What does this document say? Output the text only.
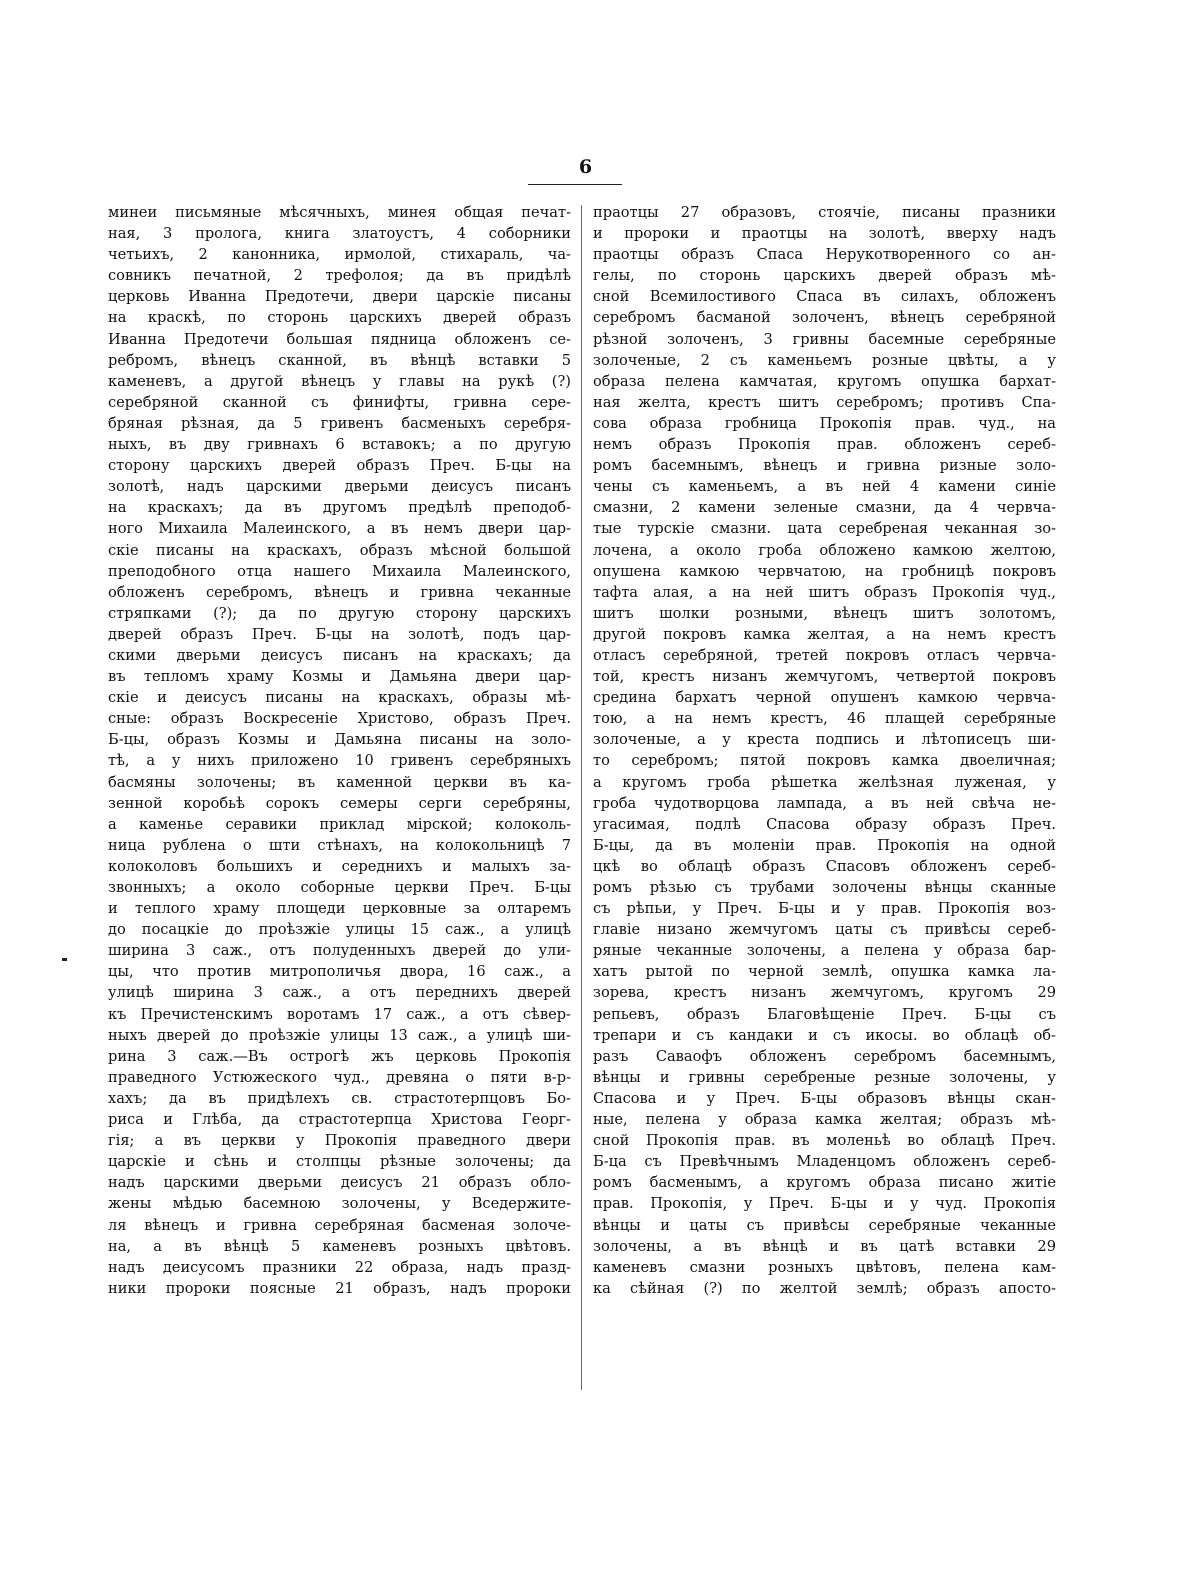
6
минеи письмяные мѣсячныхъ, минея общая печат-
ная, 3 пролога, книга златоустъ, 4 соборники
четьихъ, 2 канонника, ирмолой, стихараль, ча-
совникъ печатной, 2 трефолоя; да въ придѣлѣ
церковь Иванна Предотечи, двери царскіе писаны
на краскѣ, по сторонь царскихъ дверей образъ
Иванна Предотечи большая пядница обложенъ се-
ребромъ, вѣнецъ сканной, въ вѣнцѣ вставки 5
каменевъ, а другой вѣнецъ у главы на рукѣ (?)
серебряной сканной съ финифты, гривна сере-
бряная рѣзная, да 5 гривенъ басменыхъ серебря-
ныхъ, въ дву гривнахъ 6 вставокъ; а по другую
сторону царскихъ дверей образъ Преч. Б-цы на
золотѣ, надъ царскими дверьми деисусъ писанъ
на краскахъ; да въ другомъ предѣлѣ преподоб-
ного Михаила Малеинского, а въ немъ двери цар-
скіе писаны на краскахъ, образъ мѣсной большой
преподобного отца нашего Михаила Малеинского,
обложенъ серебромъ, вѣнецъ и гривна чеканные
стряпками (?); да по другую сторону царскихъ
дверей образъ Преч. Б-цы на золотѣ, подъ цар-
скими дверьми деисусъ писанъ на краскахъ; да
въ тепломъ храму Козмы и Дамьяна двери цар-
скіе и деисусъ писаны на краскахъ, образы мѣ-
сные: образъ Воскресеніе Христово, образъ Преч.
Б-цы, образъ Козмы и Дамьяна писаны на золо-
тѣ, а у нихъ приложено 10 гривенъ серебряныхъ
басмяны золочены; въ каменной церкви въ ка-
зенной коробьѣ сорокъ семеры серги серебряны,
а каменье серавики приклад мірской; колоколь-
ница рублена о шти стѣнахъ, на колокольницѣ 7
колоколовъ большихъ и середнихъ и малыхъ за-
звонныхъ; а около соборные церкви Преч. Б-цы
и теплого храму площеди церковные за олтаремъ
до посацкіе до проѣзжіе улицы 15 саж., а улицѣ
ширина 3 саж., отъ полуденныхъ дверей до ули-
цы, что против митрополичья двора, 16 саж., а
улицѣ ширина 3 саж., а отъ переднихъ дверей
къ Пречистенскимъ воротамъ 17 саж., а отъ сѣвер-
ныхъ дверей до проѣзжіе улицы 13 саж., а улицѣ ши-
рина 3 саж.—Въ острогѣ жъ церковь Прокопія
праведного Устюжеского чуд., древяна о пяти в-р-
хахъ; да въ придѣлехъ св. страстотерпцовъ Бо-
риса и Глѣба, да страстотерпца Христова Георг-
гія; а въ церкви у Прокопія праведного двери
царскіе и сѣнь и столпцы рѣзные золочены; да
надъ царскими дверьми деисусъ 21 образъ обло-
жены мѣдью басемною золочены, у Вседержите-
ля вѣнецъ и гривна серебряная басменая золоче-
на, а въ вѣнцѣ 5 каменевъ розныхъ цвѣтовъ.
надъ деисусомъ празники 22 образа, надъ празд-
ники пророки поясные 21 образъ, надъ пророки
праотцы 27 образовъ, стоячіе, писаны празники
и пророки и праотцы на золотѣ, вверху надъ
праотцы образъ Спаса Нерукотворенного со ан-
гелы, по сторонь царскихъ дверей образъ мѣ-
сной Всемилостивого Спаса въ силахъ, обложенъ
серебромъ басманой золоченъ, вѣнецъ серебряной
рѣзной золоченъ, 3 гривны басемные серебряные
золоченые, 2 съ каменьемъ розные цвѣты, а у
образа пелена камчатая, кругомъ опушка бархат-
ная желта, крестъ шитъ серебромъ; противъ Спа-
сова образа гробница Прокопія прав. чуд., на
немъ образъ Прокопія прав. обложенъ сереб-
ромъ басемнымъ, вѣнецъ и гривна ризные золо-
чены съ каменьемъ, а въ ней 4 камени синіе
смазни, 2 камени зеленые смазни, да 4 червча-
тые турскіе смазни. цата серебреная чеканная зо-
лочена, а около гроба обложено камкою желтою,
опушена камкою червчатою, на гробницѣ покровъ
тафта алая, а на ней шитъ образъ Прокопія чуд.,
шитъ шолки розными, вѣнецъ шитъ золотомъ,
другой покровъ камка желтая, а на немъ крестъ
отласъ серебряной, третей покровъ отласъ червча-
той, крестъ низанъ жемчугомъ, четвертой покровъ
средина бархатъ черной опушенъ камкою червча-
тою, а на немъ крестъ, 46 плащей серебряные
золоченые, а у креста подпись и лѣтописецъ ши-
то серебромъ; пятой покровъ камка двоеличная;
а кругомъ гроба рѣшетка желѣзная луженая, у
гроба чудотворцова лампада, а въ ней свѣча не-
угасимая, подлѣ Спасова образу образъ Преч.
Б-цы, да въ моленіи прав. Прокопія на одной
цкѣ во облацѣ образъ Спасовъ обложенъ сереб-
ромъ рѣзью съ трубами золочены вѣнцы сканные
съ рѣпьи, у Преч. Б-цы и у прав. Прокопія воз-
главіе низано жемчугомъ цаты съ привѣсы сереб-
ряные чеканные золочены, а пелена у образа бар-
хатъ рытой по черной землѣ, опушка камка ла-
зорева, крестъ низанъ жемчугомъ, кругомъ 29
репьевъ, образъ Благовѣщеніе Преч. Б-цы съ
трепари и съ кандаки и съ икосы. во облацѣ об-
разъ Саваофъ обложенъ серебромъ басемнымъ,
вѣнцы и гривны серебреные резные золочены, у
Спасова и у Преч. Б-цы образовъ вѣнцы скан-
ные, пелена у образа камка желтая; образъ мѣ-
сной Прокопія прав. въ моленьѣ во облацѣ Преч.
Б-ца съ Превѣчнымъ Младенцомъ обложенъ сереб-
ромъ басменымъ, а кругомъ образа писано житіе
прав. Прокопія, у Преч. Б-цы и у чуд. Прокопія
вѣнцы и цаты съ привѣсы серебряные чеканные
золочены, а въ вѣнцѣ и въ цатѣ вставки 29
каменевъ смазни розныхъ цвѣтовъ, пелена кам-
ка сѣйная (?) по желтой землѣ; образъ апосто-
